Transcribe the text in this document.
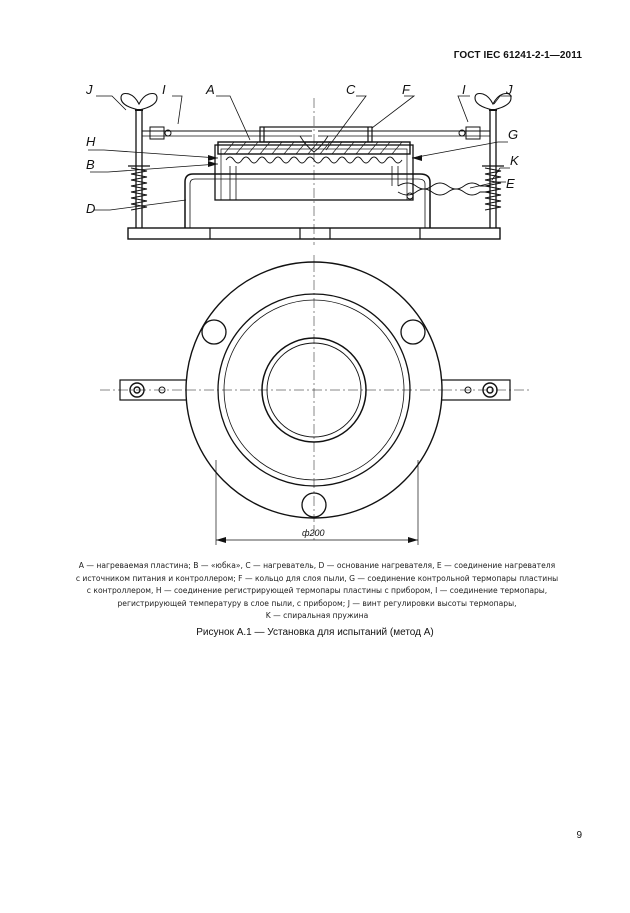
ГОСТ IEC 61241-2-1—2011
J	I	A	C	F	I	J
H	G
B	K
E
D
ф200
A — нагреваемая пластина; B — «юбка», C — нагреватель, D — основание нагревателя, E — соединение нагревателя
с источником питания и контроллером; F — кольцо для слоя пыли, G — соединение контрольной термопары пластины
с контроллером, H — соединение регистрирующей термопары пластины с прибором, I — соединение термопары,
регистрирующей температуру в слое пыли, с прибором; J — винт регулировки высоты термопары,
K — спиральная пружина
Рисунок А.1 — Установка для испытаний (метод А)
9
